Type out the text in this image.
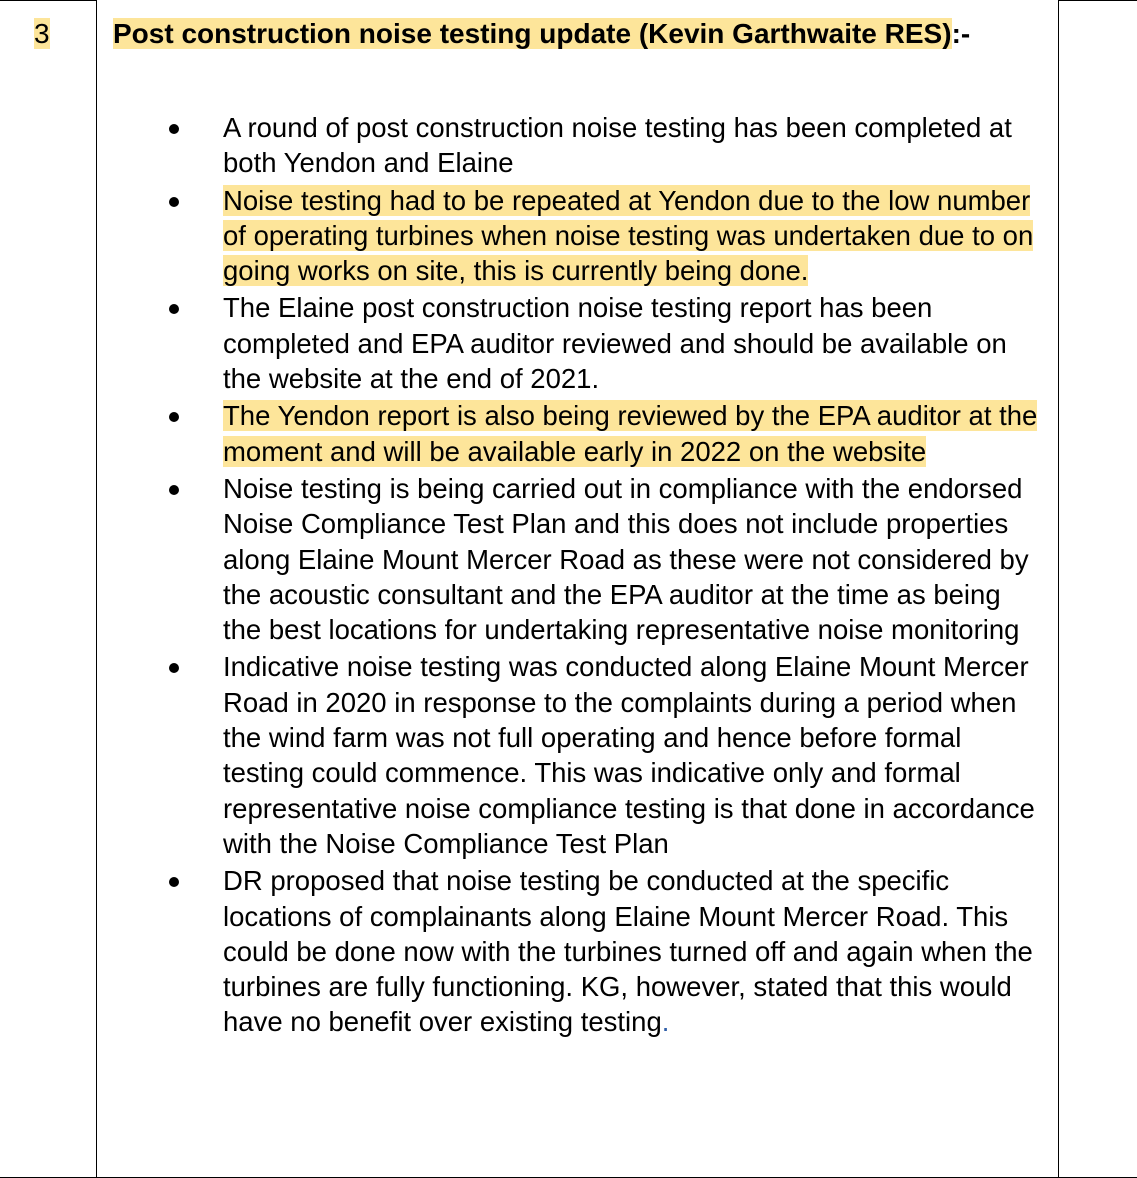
3 Post construction noise testing update (Kevin Garthwaite RES):-
A round of post construction noise testing has been completed at both Yendon and Elaine
Noise testing had to be repeated at Yendon due to the low number of operating turbines when noise testing was undertaken due to on going works on site, this is currently being done.
The Elaine post construction noise testing report has been completed and EPA auditor reviewed and should be available on the website at the end of 2021.
The Yendon report is also being reviewed by the EPA auditor at the moment and will be available early in 2022 on the website
Noise testing is being carried out in compliance with the endorsed Noise Compliance Test Plan and this does not include properties along Elaine Mount Mercer Road as these were not considered by the acoustic consultant and the EPA auditor at the time as being the best locations for undertaking representative noise monitoring
Indicative noise testing was conducted along Elaine Mount Mercer Road in 2020 in response to the complaints during a period when the wind farm was not full operating and hence before formal testing could commence. This was indicative only and formal representative noise compliance testing is that done in accordance with the Noise Compliance Test Plan
DR proposed that noise testing be conducted at the specific locations of complainants along Elaine Mount Mercer Road. This could be done now with the turbines turned off and again when the turbines are fully functioning. KG, however, stated that this would have no benefit over existing testing.
